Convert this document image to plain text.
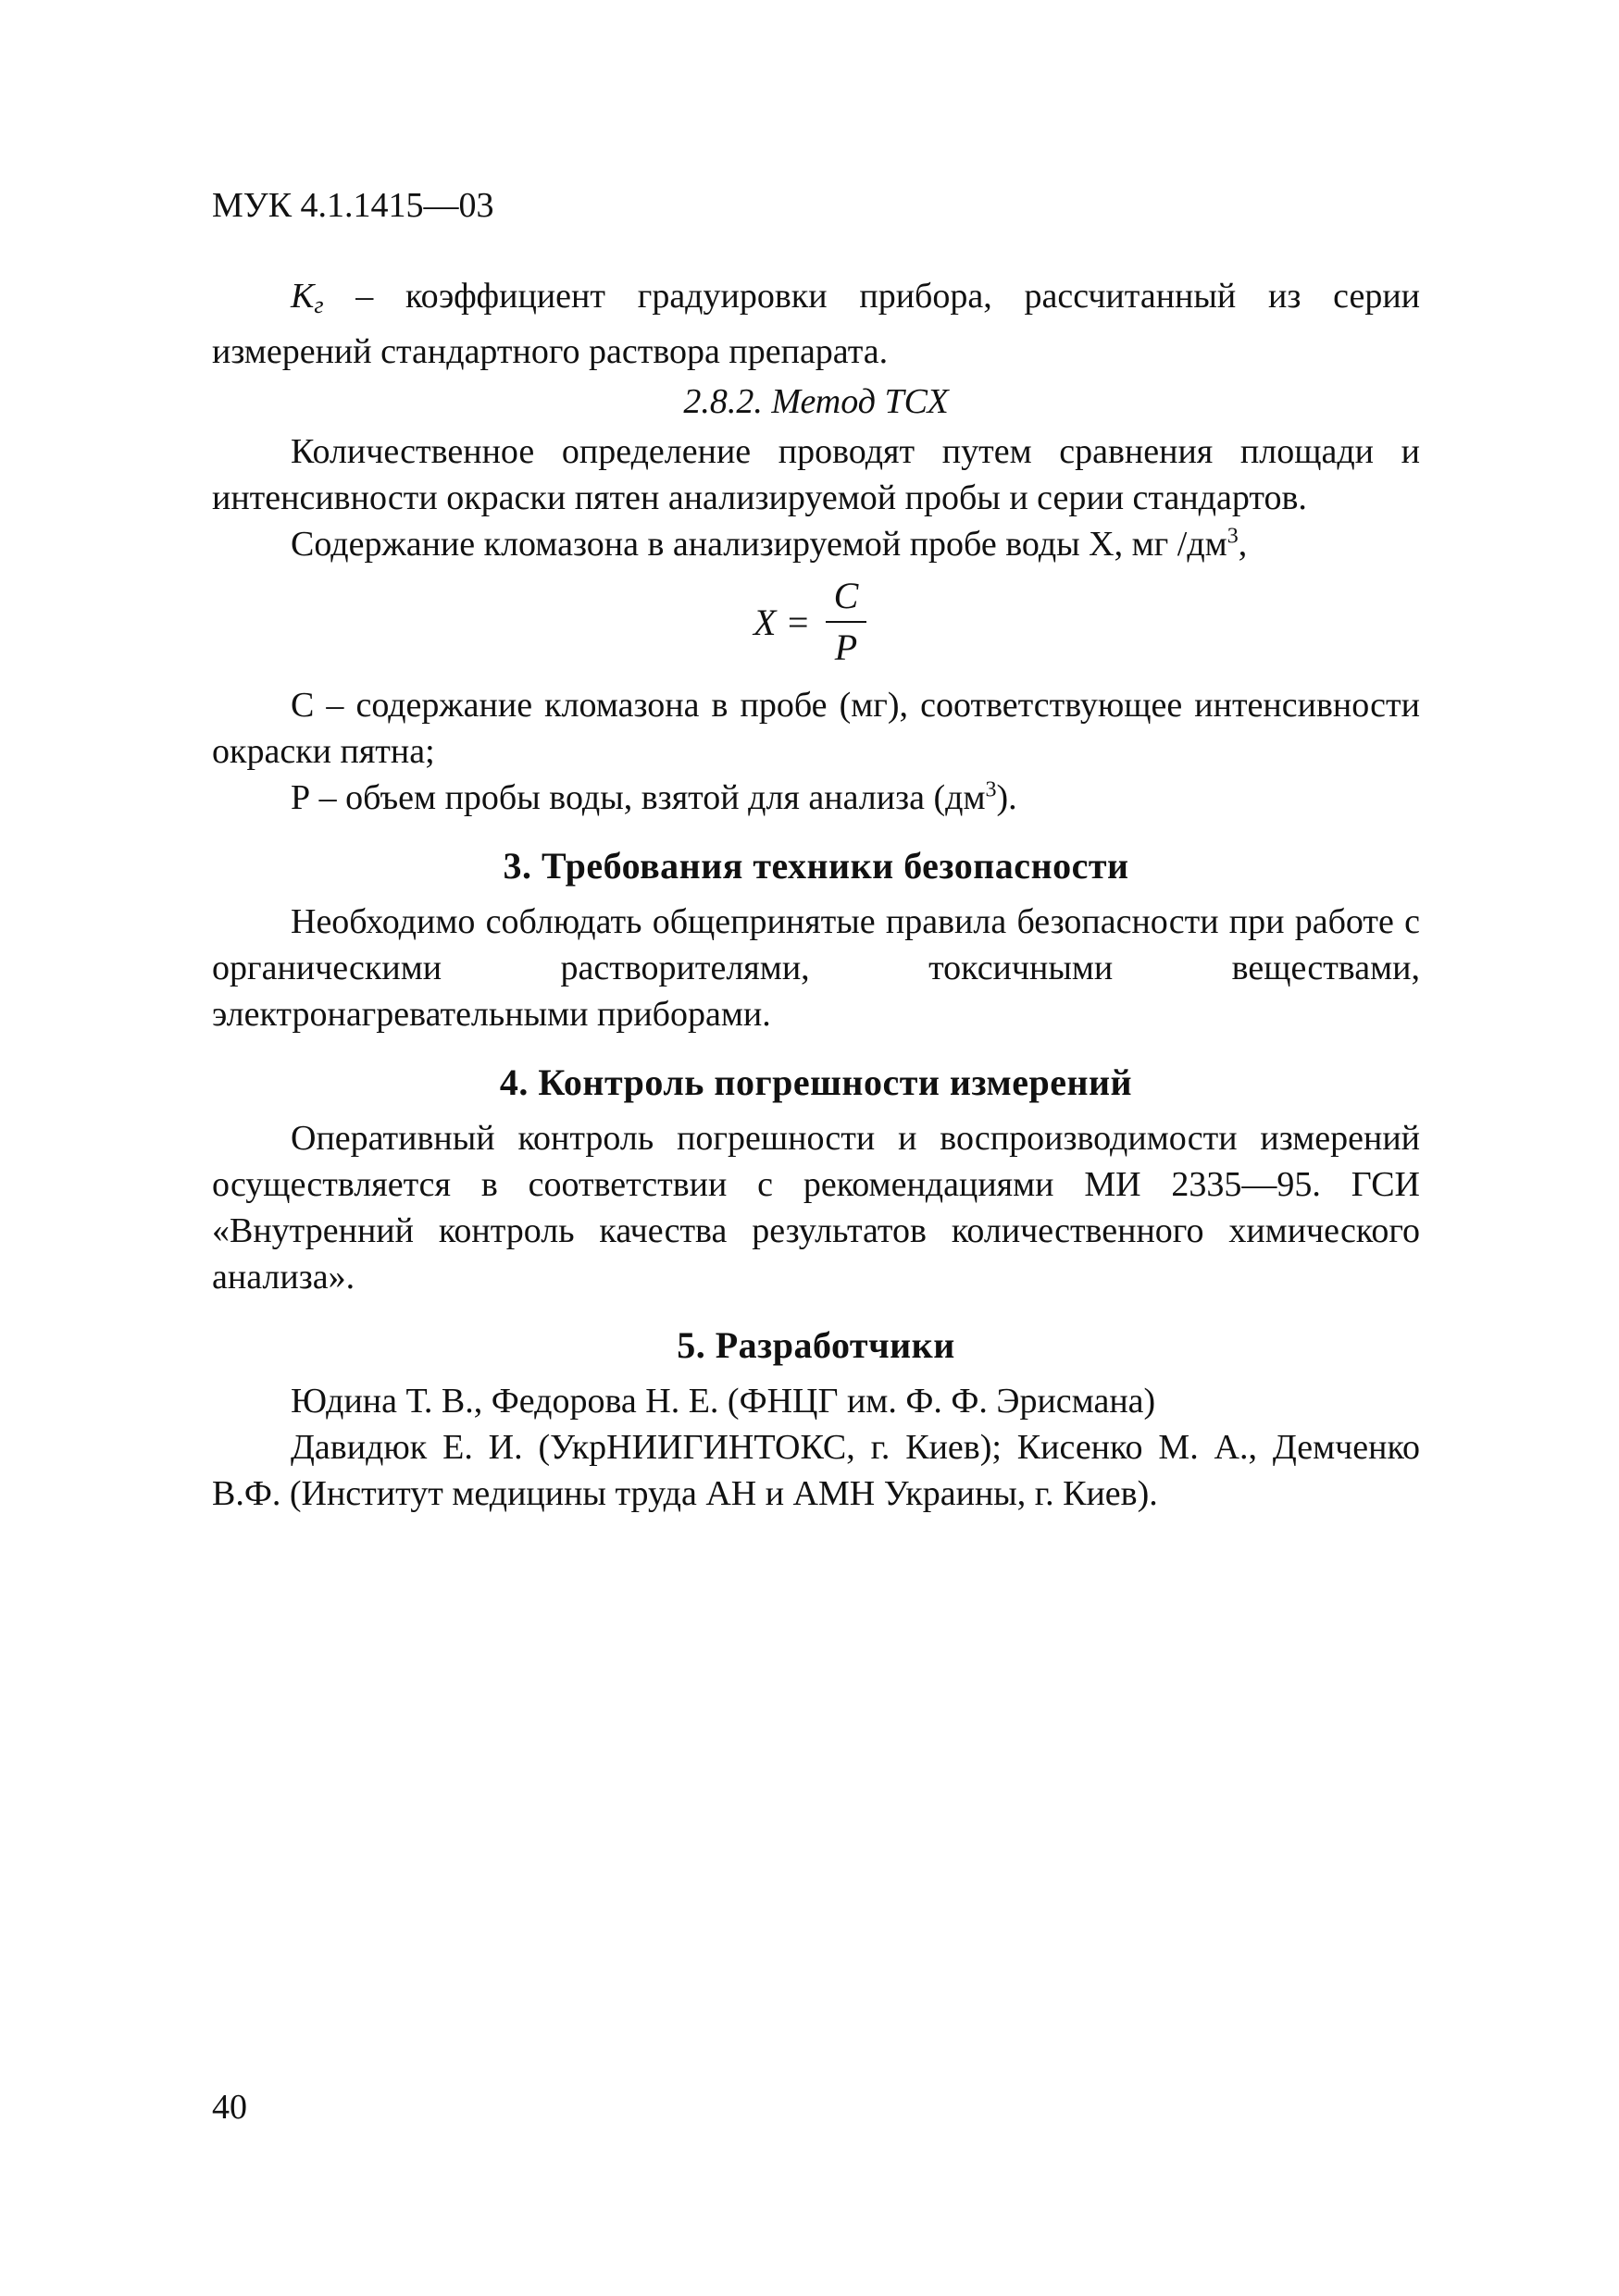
МУК 4.1.1415—03

Kг – коэффициент градуировки прибора, рассчитанный из серии измерений стандартного раствора препарата.

2.8.2. Метод ТСХ

Количественное определение проводят путем сравнения площади и интенсивности окраски пятен анализируемой пробы и серии стандартов.

Содержание кломазона в анализируемой пробе воды X, мг $/дм^3$,

X =
C
P

С – содержание кломазона в пробе (мг), соответствующее интенсивности окраски пятна;

Р – объем пробы воды, взятой для анализа $(дм^3)$.

3. Требования техники безопасности

Необходимо соблюдать общепринятые правила безопасности при работе с органическими растворителями, токсичными веществами, электронагревательными приборами.

4. Контроль погрешности измерений

Оперативный контроль погрешности и воспроизводимости измерений осуществляется в соответствии с рекомендациями МИ 2335—95. ГСИ «Внутренний контроль качества результатов количественного химического анализа».

5. Разработчики

Юдина Т. В., Федорова Н. Е. (ФНЦГ им. Ф. Ф. Эрисмана)

Давидюк Е. И. (УкрНИИГИНТОКС, г. Киев); Кисенко М. А., Демченко В.Ф. (Институт медицины труда АН и АМН Украины, г. Киев).

40
